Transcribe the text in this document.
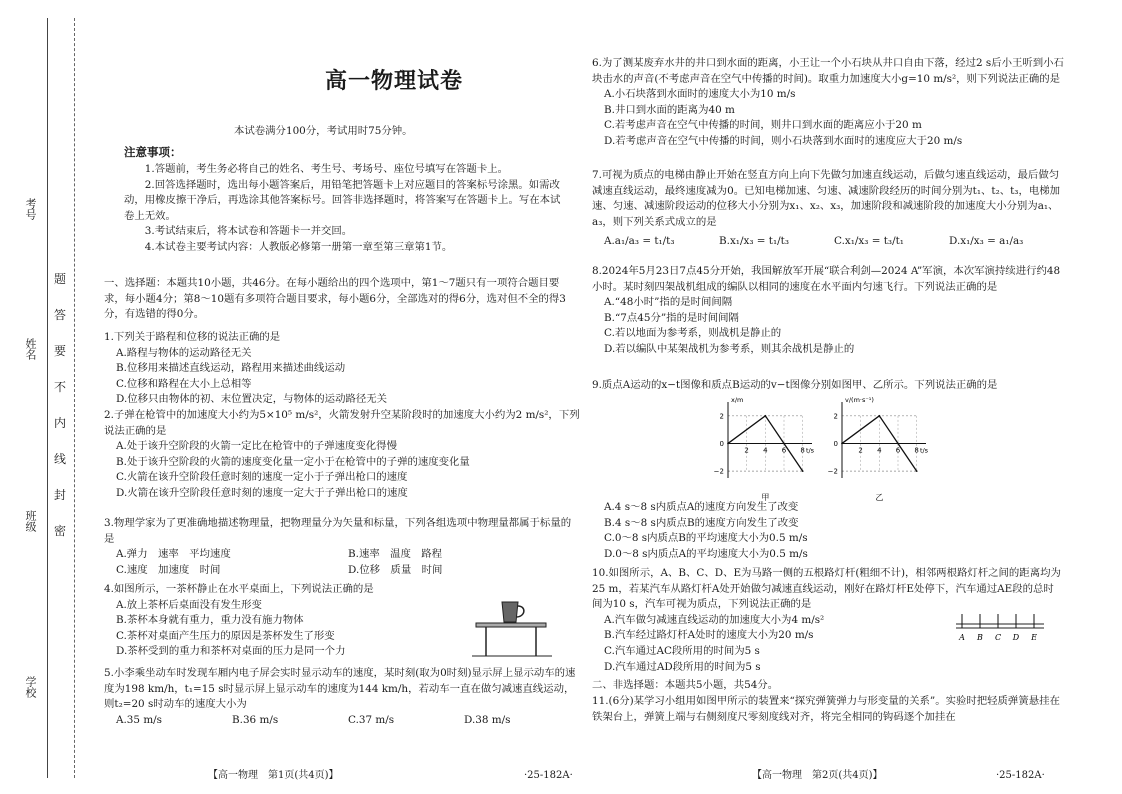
考号
姓名
班级
学校
题
答
要
不
内
线
封
密
高一物理试卷
本试卷满分100分，考试用时75分钟。
注意事项：

1.答题前，考生务必将自己的姓名、考生号、考场号、座位号填写在答题卡上。

2.回答选择题时，选出每小题答案后，用铅笔把答题卡上对应题目的答案标号涂黑。如需改动，用橡皮擦干净后，再选涂其他答案标号。回答非选择题时，将答案写在答题卡上。写在本试卷上无效。

3.考试结束后，将本试卷和答题卡一并交回。

4.本试卷主要考试内容：人教版必修第一册第一章至第三章第1节。

一、选择题：本题共10小题，共46分。在每小题给出的四个选项中，第1～7题只有一项符合题目要求，每小题4分；第8～10题有多项符合题目要求，每小题6分，全部选对的得6分，选对但不全的得3分，有选错的得0分。

1.下列关于路程和位移的说法正确的是

A.路程与物体的运动路径无关

B.位移用来描述直线运动，路程用来描述曲线运动

C.位移和路程在大小上总相等

D.位移只由物体的初、末位置决定，与物体的运动路径无关

2.子弹在枪管中的加速度大小约为5×10⁵ m/s²，火箭发射升空某阶段时的加速度大小约为2 m/s²，下列说法正确的是

A.处于该升空阶段的火箭一定比在枪管中的子弹速度变化得慢

B.处于该升空阶段的火箭的速度变化量一定小于在枪管中的子弹的速度变化量

C.火箭在该升空阶段任意时刻的速度一定小于子弹出枪口的速度

D.火箭在该升空阶段任意时刻的速度一定大于子弹出枪口的速度

3.物理学家为了更准确地描述物理量，把物理量分为矢量和标量，下列各组选项中物理量都属于标量的是

A.弹力　速率　平均速度	B.速率　温度　路程
C.速度　加速度　时间	D.位移　质量　时间

4.如图所示，一茶杯静止在水平桌面上，下列说法正确的是

A.放上茶杯后桌面没有发生形变

B.茶杯本身就有重力，重力没有施力物体

C.茶杯对桌面产生压力的原因是茶杯发生了形变

D.茶杯受到的重力和茶杯对桌面的压力是同一个力

5.小李乘坐动车时发现车厢内电子屏会实时显示动车的速度，某时刻(取为0时刻)显示屏上显示动车的速度为198 km/h，t₁=15 s时显示屏上显示动车的速度为144 km/h，若动车一直在做匀减速直线运动，则t₂=20 s时动车的速度大小为

A.35 m/s	B.36 m/s	C.37 m/s	D.38 m/s
【高一物理　第1页(共4页)】	·25-182A·

6.为了测某废弃水井的井口到水面的距离，小王让一个小石块从井口自由下落，经过2 s后小王听到小石块击水的声音(不考虑声音在空气中传播的时间)。取重力加速度大小g=10 m/s²，则下列说法正确的是

A.小石块落到水面时的速度大小为10 m/s

B.井口到水面的距离为40 m

C.若考虑声音在空气中传播的时间，则井口到水面的距离应小于20 m

D.若考虑声音在空气中传播的时间，则小石块落到水面时的速度应大于20 m/s

7.可视为质点的电梯由静止开始在竖直方向上向下先做匀加速直线运动，后做匀速直线运动，最后做匀减速直线运动，最终速度减为0。已知电梯加速、匀速、减速阶段经历的时间分别为t₁、t₂、t₃，电梯加速、匀速、减速阶段运动的位移大小分别为x₁、x₂、x₃，加速阶段和减速阶段的加速度大小分别为a₁、a₃，则下列关系式成立的是

A.a₁/a₃ = t₁/t₃	B.x₁/x₃ = t₁/t₃	C.x₁/x₃ = t₃/t₁	D.x₁/x₃ = a₁/a₃

8.2024年5月23日7点45分开始，我国解放军开展“联合利剑—2024 A”军演，本次军演持续进行约48小时。某时刻四架战机组成的编队以相同的速度在水平面内匀速飞行。下列说法正确的是

A.“48小时”指的是时间间隔

B.“7点45分”指的是时间间隔

C.若以地面为参考系，则战机是静止的

D.若以编队中某架战机为参考系，则其余战机是静止的

9.质点A运动的x−t图像和质点B运动的v−t图像分别如图甲、乙所示。下列说法正确的是

2 4 6 8
2
0
−2
t/s
x/m
甲
2 4 6 8
2
0
−2
t/s
v/(m·s⁻¹)
乙

A.4 s～8 s内质点A的速度方向发生了改变

B.4 s～8 s内质点B的速度方向发生了改变

C.0～8 s内质点B的平均速度大小为0.5 m/s

D.0～8 s内质点A的平均速度大小为0.5 m/s

10.如图所示，A、B、C、D、E为马路一侧的五根路灯杆(粗细不计)，相邻两根路灯杆之间的距离均为25 m，若某汽车从路灯杆A处开始做匀减速直线运动，刚好在路灯杆E处停下，汽车通过AE段的总时间为10 s，汽车可视为质点，下列说法正确的是

A.汽车做匀减速直线运动的加速度大小为4 m/s²

B.汽车经过路灯杆A处时的速度大小为20 m/s

C.汽车通过AC段所用的时间为5 s

D.汽车通过AD段所用的时间为5 s

A B C D E

二、非选择题：本题共5小题，共54分。

11.(6分)某学习小组用如图甲所示的装置来“探究弹簧弹力与形变量的关系”。实验时把轻质弹簧悬挂在铁架台上，弹簧上端与右侧刻度尺零刻度线对齐，将完全相同的钩码逐个加挂在

【高一物理　第2页(共4页)】	·25-182A·
